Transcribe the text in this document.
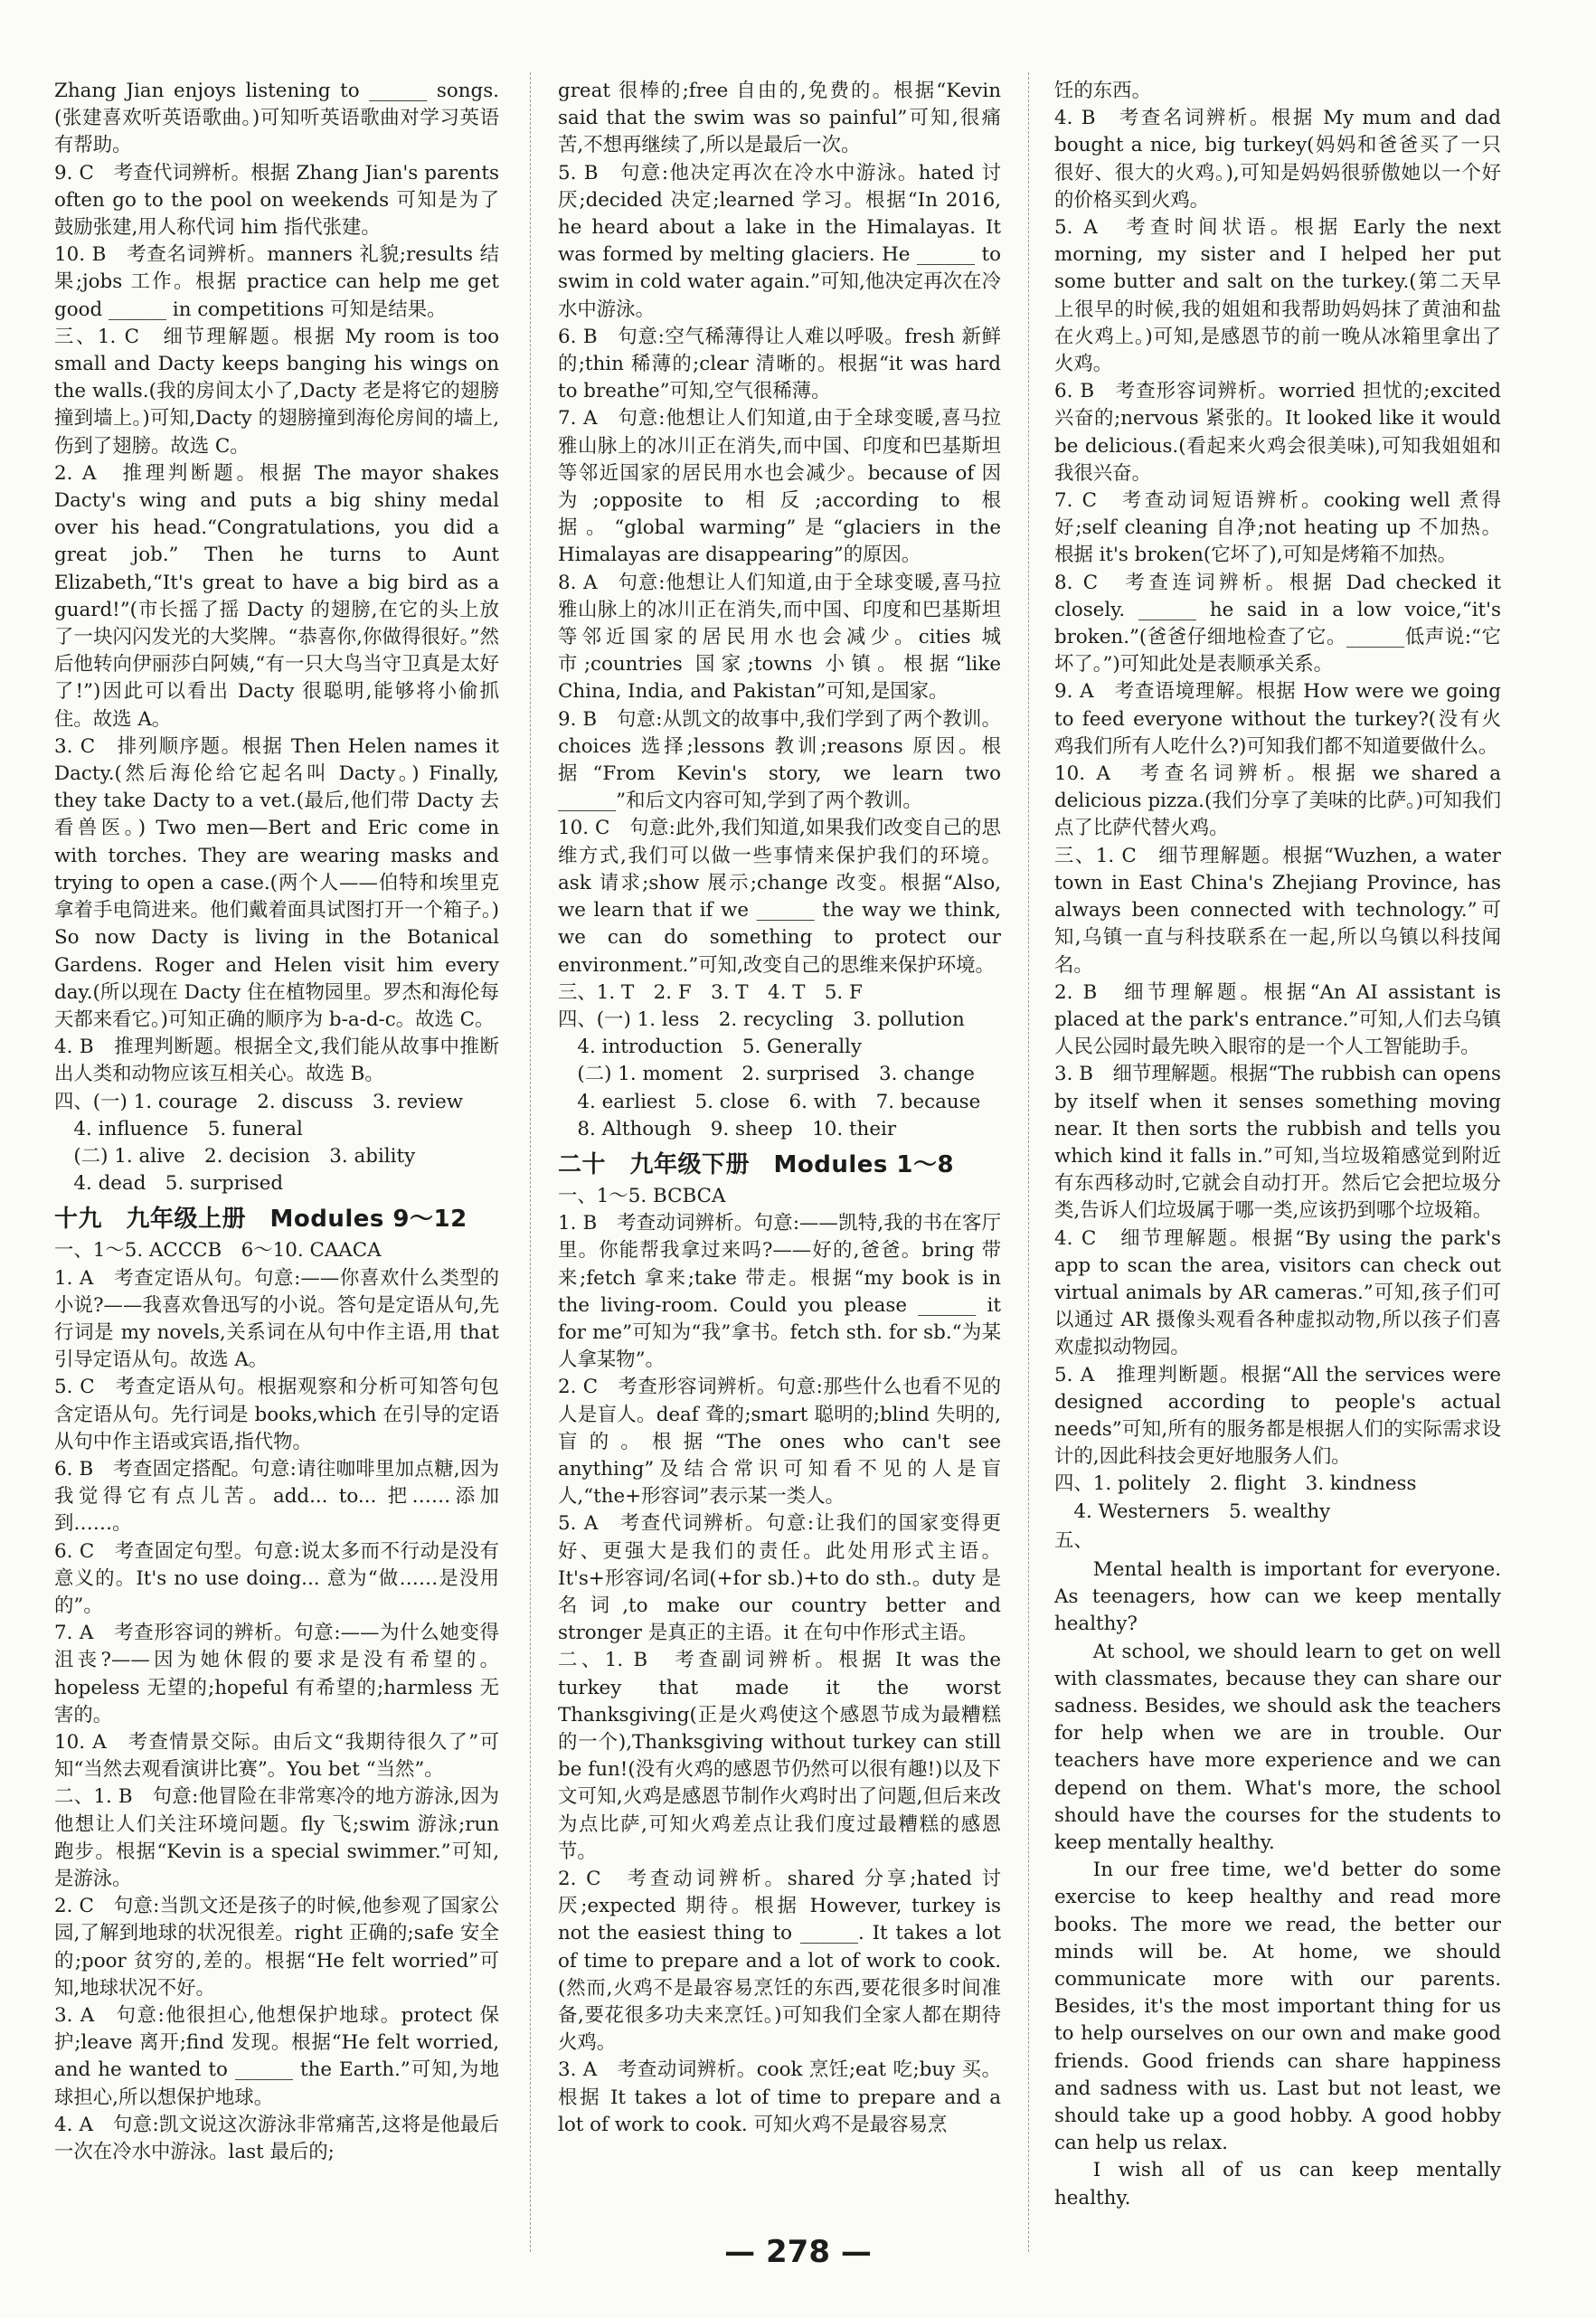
Zhang Jian enjoys listening to ______ songs.(张建喜欢听英语歌曲。)可知听英语歌曲对学习英语有帮助。

9. C　考查代词辨析。根据 Zhang Jian's parents often go to the pool on weekends 可知是为了鼓励张建,用人称代词 him 指代张建。

10. B　考查名词辨析。manners 礼貌;results 结果;jobs 工作。根据 practice can help me get good ______ in competitions 可知是结果。

三、1. C　细节理解题。根据 My room is too small and Dacty keeps banging his wings on the walls.(我的房间太小了,Dacty 老是将它的翅膀撞到墙上。)可知,Dacty 的翅膀撞到海伦房间的墙上,伤到了翅膀。故选 C。

2. A　推理判断题。根据 The mayor shakes Dacty's wing and puts a big shiny medal over his head.“Congratulations, you did a great job.” Then he turns to Aunt Elizabeth,“It's great to have a big bird as a guard!”(市长摇了摇 Dacty 的翅膀,在它的头上放了一块闪闪发光的大奖牌。“恭喜你,你做得很好。”然后他转向伊丽莎白阿姨,“有一只大鸟当守卫真是太好了!”)因此可以看出 Dacty 很聪明,能够将小偷抓住。故选 A。

3. C　排列顺序题。根据 Then Helen names it Dacty.(然后海伦给它起名叫 Dacty。) Finally, they take Dacty to a vet.(最后,他们带 Dacty 去看兽医。) Two men—Bert and Eric come in with torches. They are wearing masks and trying to open a case.(两个人——伯特和埃里克拿着手电筒进来。他们戴着面具试图打开一个箱子。) So now Dacty is living in the Botanical Gardens. Roger and Helen visit him every day.(所以现在 Dacty 住在植物园里。罗杰和海伦每天都来看它。)可知正确的顺序为 b-a-d-c。故选 C。

4. B　推理判断题。根据全文,我们能从故事中推断出人类和动物应该互相关心。故选 B。

四、(一) 1. courage　2. discuss　3. review

　4. influence　5. funeral

　(二) 1. alive　2. decision　3. ability

　4. dead　5. surprised

十九　九年级上册　Modules 9～12

一、1～5. ACCCB　6～10. CAACA

1. A　考查定语从句。句意:——你喜欢什么类型的小说?——我喜欢鲁迅写的小说。答句是定语从句,先行词是 my novels,关系词在从句中作主语,用 that 引导定语从句。故选 A。

5. C　考查定语从句。根据观察和分析可知答句包含定语从句。先行词是 books,which 在引导的定语从句中作主语或宾语,指代物。

6. B　考查固定搭配。句意:请往咖啡里加点糖,因为我觉得它有点儿苦。add... to... 把……添加到……。

6. C　考查固定句型。句意:说太多而不行动是没有意义的。It's no use doing... 意为“做……是没用的”。

7. A　考查形容词的辨析。句意:——为什么她变得沮丧?——因为她休假的要求是没有希望的。hopeless 无望的;hopeful 有希望的;harmless 无害的。

10. A　考查情景交际。由后文“我期待很久了”可知“当然去观看演讲比赛”。You bet “当然”。

二、1. B　句意:他冒险在非常寒冷的地方游泳,因为他想让人们关注环境问题。fly 飞;swim 游泳;run 跑步。根据“Kevin is a special swimmer.”可知,是游泳。

2. C　句意:当凯文还是孩子的时候,他参观了国家公园,了解到地球的状况很差。right 正确的;safe 安全的;poor 贫穷的,差的。根据“He felt worried”可知,地球状况不好。

3. A　句意:他很担心,他想保护地球。protect 保护;leave 离开;find 发现。根据“He felt worried, and he wanted to ______ the Earth.”可知,为地球担心,所以想保护地球。

4. A　句意:凯文说这次游泳非常痛苦,这将是他最后一次在冷水中游泳。last 最后的;

great 很棒的;free 自由的,免费的。根据“Kevin said that the swim was so painful”可知,很痛苦,不想再继续了,所以是最后一次。

5. B　句意:他决定再次在冷水中游泳。hated 讨厌;decided 决定;learned 学习。根据“In 2016, he heard about a lake in the Himalayas. It was formed by melting glaciers. He ______ to swim in cold water again.”可知,他决定再次在冷水中游泳。

6. B　句意:空气稀薄得让人难以呼吸。fresh 新鲜的;thin 稀薄的;clear 清晰的。根据“it was hard to breathe”可知,空气很稀薄。

7. A　句意:他想让人们知道,由于全球变暖,喜马拉雅山脉上的冰川正在消失,而中国、印度和巴基斯坦等邻近国家的居民用水也会减少。because of 因为;opposite to 相反;according to 根据。“global warming”是“glaciers in the Himalayas are disappearing”的原因。

8. A　句意:他想让人们知道,由于全球变暖,喜马拉雅山脉上的冰川正在消失,而中国、印度和巴基斯坦等邻近国家的居民用水也会减少。cities 城市;countries 国家;towns 小镇。根据“like China, India, and Pakistan”可知,是国家。

9. B　句意:从凯文的故事中,我们学到了两个教训。choices 选择;lessons 教训;reasons 原因。根据“From Kevin's story, we learn two ______”和后文内容可知,学到了两个教训。

10. C　句意:此外,我们知道,如果我们改变自己的思维方式,我们可以做一些事情来保护我们的环境。ask 请求;show 展示;change 改变。根据“Also, we learn that if we ______ the way we think, we can do something to protect our environment.”可知,改变自己的思维来保护环境。

三、1. T　2. F　3. T　4. T　5. F

四、(一) 1. less　2. recycling　3. pollution

　4. introduction　5. Generally

　(二) 1. moment　2. surprised　3. change

　4. earliest　5. close　6. with　7. because

　8. Although　9. sheep　10. their

二十　九年级下册　Modules 1～8

一、1～5. BCBCA

1. B　考查动词辨析。句意:——凯特,我的书在客厅里。你能帮我拿过来吗?——好的,爸爸。bring 带来;fetch 拿来;take 带走。根据“my book is in the living-room. Could you please ______ it for me”可知为“我”拿书。fetch sth. for sb.“为某人拿某物”。

2. C　考查形容词辨析。句意:那些什么也看不见的人是盲人。deaf 聋的;smart 聪明的;blind 失明的,盲的。根据“The ones who can't see anything”及结合常识可知看不见的人是盲人,“the+形容词”表示某一类人。

5. A　考查代词辨析。句意:让我们的国家变得更好、更强大是我们的责任。此处用形式主语。It's+形容词/名词(+for sb.)+to do sth.。duty 是名词,to make our country better and stronger 是真正的主语。it 在句中作形式主语。

二、1. B　考查副词辨析。根据 It was the turkey that made it the worst Thanksgiving(正是火鸡使这个感恩节成为最糟糕的一个),Thanksgiving without turkey can still be fun!(没有火鸡的感恩节仍然可以很有趣!)以及下文可知,火鸡是感恩节制作火鸡时出了问题,但后来改为点比萨,可知火鸡差点让我们度过最糟糕的感恩节。

2. C　考查动词辨析。shared 分享;hated 讨厌;expected 期待。根据 However, turkey is not the easiest thing to ______. It takes a lot of time to prepare and a lot of work to cook.(然而,火鸡不是最容易烹饪的东西,要花很多时间准备,要花很多功夫来烹饪。)可知我们全家人都在期待火鸡。

3. A　考查动词辨析。cook 烹饪;eat 吃;buy 买。根据 It takes a lot of time to prepare and a lot of work to cook. 可知火鸡不是最容易烹

饪的东西。

4. B　考查名词辨析。根据 My mum and dad bought a nice, big turkey(妈妈和爸爸买了一只很好、很大的火鸡。),可知是妈妈很骄傲她以一个好的价格买到火鸡。

5. A　考查时间状语。根据 Early the next morning, my sister and I helped her put some butter and salt on the turkey.(第二天早上很早的时候,我的姐姐和我帮助妈妈抹了黄油和盐在火鸡上。)可知,是感恩节的前一晚从冰箱里拿出了火鸡。

6. B　考查形容词辨析。worried 担忧的;excited 兴奋的;nervous 紧张的。It looked like it would be delicious.(看起来火鸡会很美味),可知我姐姐和我很兴奋。

7. C　考查动词短语辨析。cooking well 煮得好;self cleaning 自净;not heating up 不加热。根据 it's broken(它坏了),可知是烤箱不加热。

8. C　考查连词辨析。根据 Dad checked it closely. ______ he said in a low voice,“it's broken.”(爸爸仔细地检查了它。______低声说:“它坏了。”)可知此处是表顺承关系。

9. A　考查语境理解。根据 How were we going to feed everyone without the turkey?(没有火鸡我们所有人吃什么?)可知我们都不知道要做什么。

10. A　考查名词辨析。根据 we shared a delicious pizza.(我们分享了美味的比萨。)可知我们点了比萨代替火鸡。

三、1. C　细节理解题。根据“Wuzhen, a water town in East China's Zhejiang Province, has always been connected with technology.”可知,乌镇一直与科技联系在一起,所以乌镇以科技闻名。

2. B　细节理解题。根据“An AI assistant is placed at the park's entrance.”可知,人们去乌镇人民公园时最先映入眼帘的是一个人工智能助手。

3. B　细节理解题。根据“The rubbish can opens by itself when it senses something moving near. It then sorts the rubbish and tells you which kind it falls in.”可知,当垃圾箱感觉到附近有东西移动时,它就会自动打开。然后它会把垃圾分类,告诉人们垃圾属于哪一类,应该扔到哪个垃圾箱。

4. C　细节理解题。根据“By using the park's app to scan the area, visitors can check out virtual animals by AR cameras.”可知,孩子们可以通过 AR 摄像头观看各种虚拟动物,所以孩子们喜欢虚拟动物园。

5. A　推理判断题。根据“All the services were designed according to people's actual needs”可知,所有的服务都是根据人们的实际需求设计的,因此科技会更好地服务人们。

四、1. politely　2. flight　3. kindness

　4. Westerners　5. wealthy

五、

Mental health is important for everyone. As teenagers, how can we keep mentally healthy?

At school, we should learn to get on well with classmates, because they can share our sadness. Besides, we should ask the teachers for help when we are in trouble. Our teachers have more experience and we can depend on them. What's more, the school should have the courses for the students to keep mentally healthy.

In our free time, we'd better do some exercise to keep healthy and read more books. The more we read, the better our minds will be. At home, we should communicate more with our parents. Besides, it's the most important thing for us to help ourselves on our own and make good friends. Good friends can share happiness and sadness with us. Last but not least, we should take up a good hobby. A good hobby can help us relax.

I wish all of us can keep mentally healthy.

— 278 —
